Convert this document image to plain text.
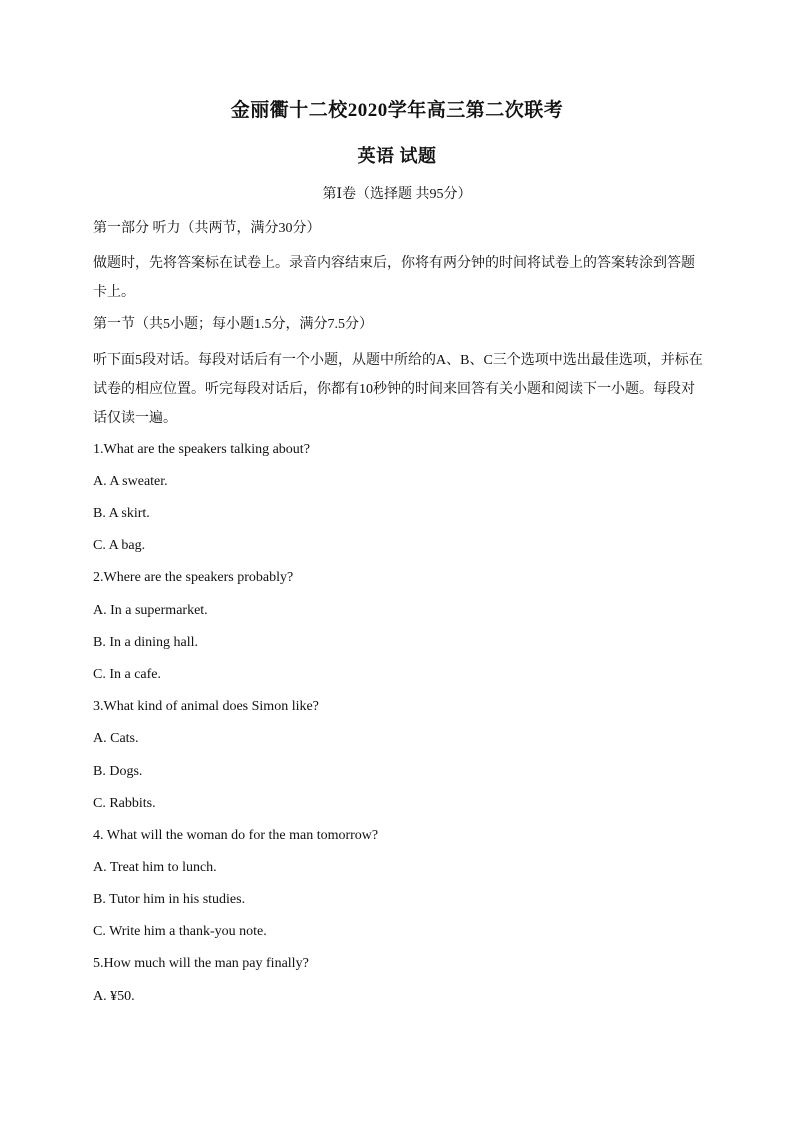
金丽衢十二校2020学年高三第二次联考
英语 试题
第Ⅰ卷（选择题 共95分）
第一部分 听力（共两节，满分30分）
做题时，先将答案标在试卷上。录音内容结束后，你将有两分钟的时间将试卷上的答案转涂到答题卡上。
第一节（共5小题；每小题1.5分，满分7.5分）
听下面5段对话。每段对话后有一个小题，从题中所给的A、B、C三个选项中选出最佳选项，并标在试卷的相应位置。听完每段对话后，你都有10秒钟的时间来回答有关小题和阅读下一小题。每段对话仅读一遍。
1.What are the speakers talking about?
A. A sweater.
B. A skirt.
C. A bag.
2.Where are the speakers probably?
A. In a supermarket.
B. In a dining hall.
C. In a cafe.
3.What kind of animal does Simon like?
A. Cats.
B. Dogs.
C. Rabbits.
4. What will the woman do for the man tomorrow?
A. Treat him to lunch.
B. Tutor him in his studies.
C. Write him a thank-you note.
5.How much will the man pay finally?
A. ¥50.
